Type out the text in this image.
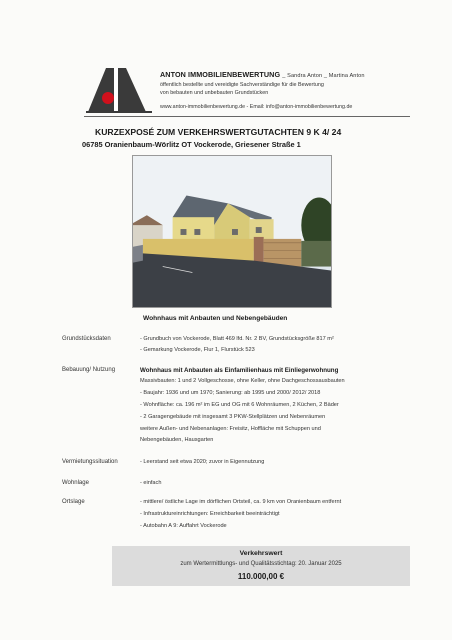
ANTON IMMOBILIENBEWERTUNG _ Sandra Anton _ Martina Anton
öffentlich bestellte und vereidigte Sachverständige für die Bewertung
von bebauten und unbebauten Grundstücken
www.anton-immobilienbewertung.de - Email: info@anton-immobilienbewertung.de
KURZEXPOSÉ ZUM VERKEHRSWERTGUTACHTEN 9 K 4/ 24
06785 Oranienbaum-Wörlitz OT Vockerode, Griesener Straße 1
Wohnhaus mit Anbauten und Nebengebäuden
Grundstücksdaten	- Grundbuch von Vockerode, Blatt 469 lfd. Nr. 2 BV, Grundstücksgröße 817 m²
- Gemarkung Vockerode, Flur 1, Flurstück 523
Bebauung/ Nutzung	Wohnhaus mit Anbauten als Einfamilienhaus mit Einliegerwohnung
Massivbauten: 1 und 2 Vollgeschosse, ohne Keller, ohne Dachgeschossausbauten
- Baujahr: 1936 und um 1970; Sanierung: ab 1995 und 2000/ 2012/ 2018
- Wohnfläche: ca. 196 m² im EG und OG mit 6 Wohnräumen, 2 Küchen, 2 Bäder
- 2 Garagengebäude mit insgesamt 3 PKW-Stellplätzen und Nebenräumen
weitere Außen- und Nebenanlagen: Freisitz, Hoffläche mit Schuppen und
Nebengebäuden, Hausgarten
Vermietungssituation	- Leerstand seit etwa 2020; zuvor in Eigennutzung
Wohnlage	- einfach
Ortslage	- mittlere/ östliche Lage im dörflichen Ortsteil, ca. 9 km von Oranienbaum entfernt
- Infrastruktureinrichtungen: Erreichbarkeit beeinträchtigt
- Autobahn A 9: Auffahrt Vockerode
Verkehrswert
zum Wertermittlungs- und Qualitätsstichtag: 20. Januar 2025
110.000,00 €
